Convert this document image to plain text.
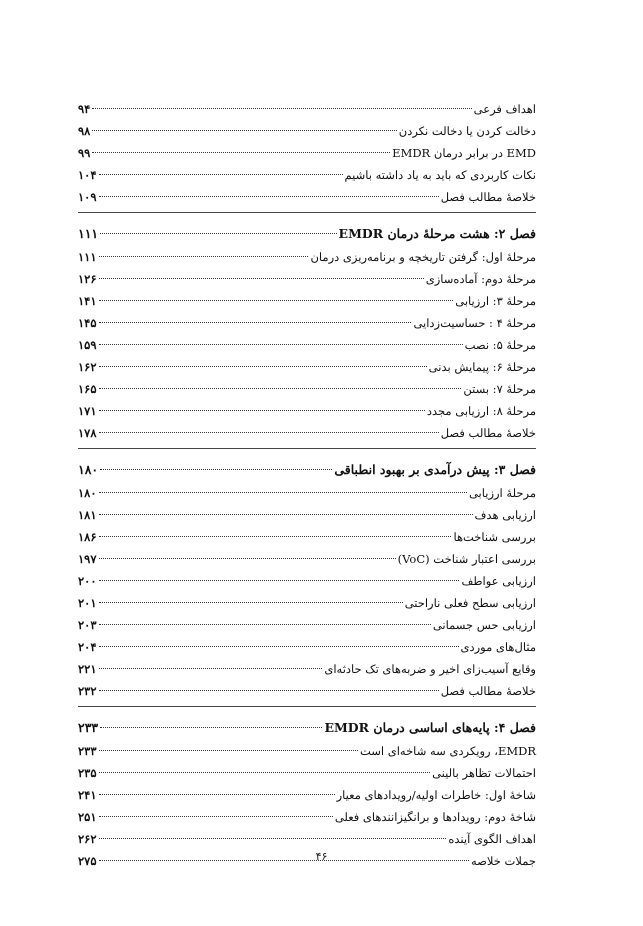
اهداف فرعی
۹۴
دخالت کردن یا دخالت نکردن
۹۸
EMD در برابر درمان EMDR
۹۹
نکات کاربردی که باید به یاد داشته باشیم
۱۰۴
خلاصهٔ مطالب فصل
۱۰۹
فصل ۲: هشت مرحلهٔ درمان EMDR
۱۱۱
مرحلهٔ اول: گرفتن تاریخچه و برنامه‌ریزی درمان
۱۱۱
مرحلهٔ دوم: آماده‌سازی
۱۲۶
مرحلهٔ ۳: ارزیابی
۱۴۱
مرحلهٔ ۴ : حساسیت‌زدایی
۱۴۵
مرحلهٔ ۵: نصب
۱۵۹
مرحلهٔ ۶: پیمایش بدنی
۱۶۲
مرحلهٔ ۷: بستن
۱۶۵
مرحلهٔ ۸: ارزیابی مجدد
۱۷۱
خلاصهٔ مطالب فصل
۱۷۸
فصل ۳: پیش درآمدی بر بهبود انطباقی
۱۸۰
مرحلهٔ ارزیابی
۱۸۰
ارزیابی هدف
۱۸۱
بررسی شناخت‌ها
۱۸۶
بررسی اعتبار شناخت (VoC)
۱۹۷
ارزیابی عواطف
۲۰۰
ارزیابی سطح فعلی ناراحتی
۲۰۱
ارزیابی حس جسمانی
۲۰۳
مثال‌های موردی
۲۰۴
وقایع آسیب‌زای اخیر و ضربه‌های تک حادثه‌ای
۲۲۱
خلاصهٔ مطالب فصل
۲۳۲
فصل ۴: پایه‌های اساسی درمان EMDR
۲۳۳
EMDR، رویکردی سه شاخه‌ای است
۲۳۳
احتمالات تظاهر بالینی
۲۳۵
شاخهٔ اول: خاطرات اولیه/رویدادهای معیار
۲۴۱
شاخهٔ دوم: رویدادها و برانگیزانندهای فعلی
۲۵۱
اهداف الگوی آینده
۲۶۲
جملات خلاصه
۲۷۵	۴۶
